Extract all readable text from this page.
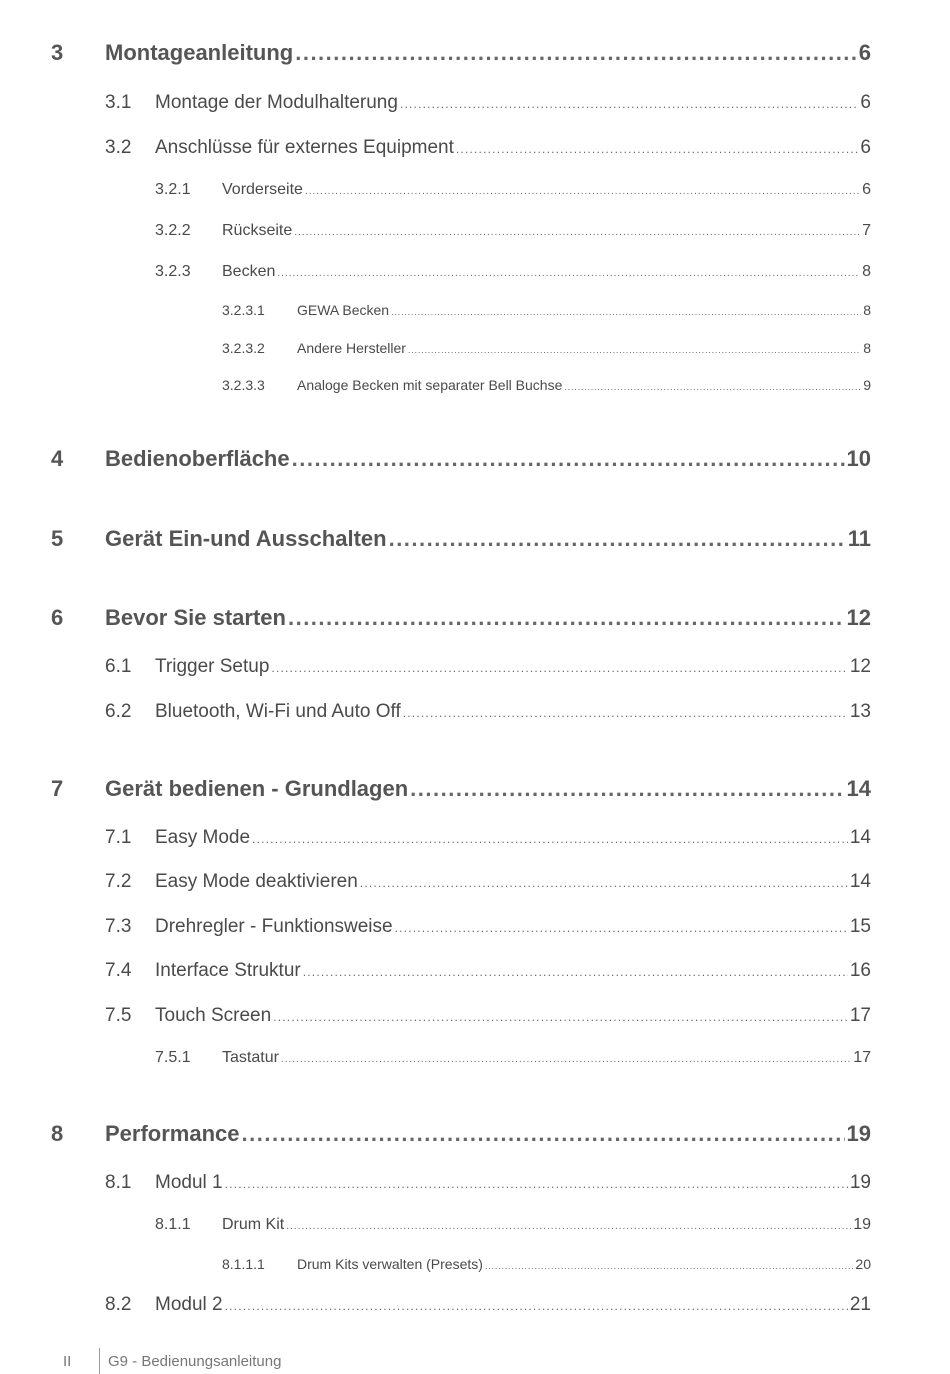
3 Montageanleitung .....	6
3.1 Montage der Modulhalterung .....	6
3.2 Anschlüsse für externes Equipment .....	6
3.2.1 Vorderseite .....	6
3.2.2 Rückseite .....	7
3.2.3 Becken .....	8
3.2.3.1 GEWA Becken .....	8
3.2.3.2 Andere Hersteller .....	8
3.2.3.3 Analoge Becken mit separater Bell Buchse .....	9
4 Bedienoberfläche .....	10
5 Gerät Ein-und Ausschalten .....	11
6 Bevor Sie starten .....	12
6.1 Trigger Setup .....	12
6.2 Bluetooth, Wi-Fi und Auto Off .....	13
7 Gerät bedienen - Grundlagen .....	14
7.1 Easy Mode .....	14
7.2 Easy Mode deaktivieren .....	14
7.3 Drehregler - Funktionsweise .....	15
7.4 Interface Struktur .....	16
7.5 Touch Screen .....	17
7.5.1 Tastatur .....	17
8 Performance .....	19
8.1 Modul 1 .....	19
8.1.1 Drum Kit .....	19
8.1.1.1 Drum Kits verwalten (Presets) .....	20
8.2 Modul 2 .....	21
II	G9 - Bedienungsanleitung
